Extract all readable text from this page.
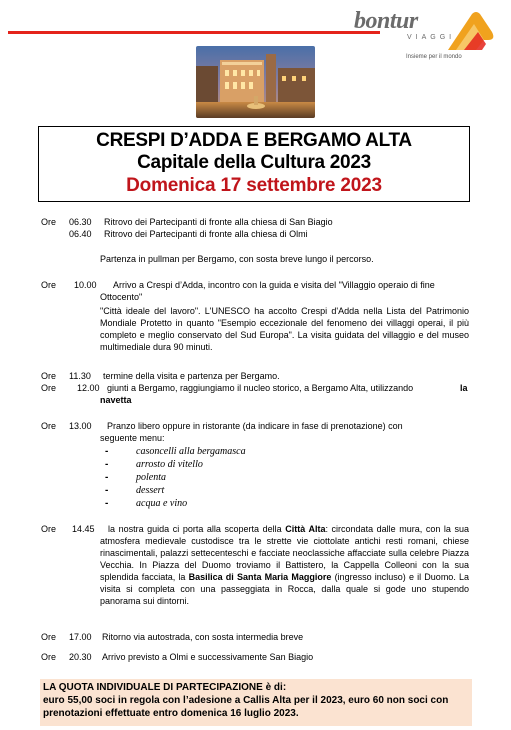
bontur
VIAGGI
Insieme per il mondo
CRESPI D’ADDA E BERGAMO ALTA
Capitale della Cultura 2023
Domenica 17 settembre 2023
Ore 06.30 Ritrovo dei Partecipanti di fronte alla chiesa di San Biagio
06.40 Ritrovo dei Partecipanti di fronte alla chiesa di Olmi
Partenza in pullman per Bergamo, con sosta breve lungo il percorso.
Ore 10.00 Arrivo a Crespi d’Adda, incontro con la guida e visita del "Villaggio operaio di fine
Ottocento"
"Città ideale del lavoro". L'UNESCO ha accolto Crespi d'Adda nella Lista del Patrimonio Mondiale Protetto in quanto "Esempio eccezionale del fenomeno dei villaggi operai, il più completo e meglio conservato del Sud Europa". La visita guidata del villaggio e del museo multimediale dura 90 minuti.
Ore 11.30 termine della visita e partenza per Bergamo.
Ore 12.00 giunti a Bergamo, raggiungiamo il nucleo storico, a Bergamo Alta, utilizzando	la
navetta
Ore 13.00 Pranzo libero oppure in ristorante (da indicare in fase di prenotazione) con
seguente menu:
-	casoncelli alla bergamasca
-	arrosto di vitello
-	polenta
-	dessert
-	acqua e vino
Ore 14.45	la nostra guida ci porta alla scoperta della Città Alta: circondata dalle mura, con la sua atmosfera medievale custodisce tra le strette vie ciottolate antichi resti romani, chiese rinascimentali, palazzi settecenteschi e facciate neoclassiche affacciate sulla celebre Piazza Vecchia. In Piazza del Duomo troviamo il Battistero, la Cappella Colleoni con la sua splendida facciata, la Basilica di Santa Maria Maggiore (ingresso incluso) e il Duomo. La visita si completa con una passeggiata in Rocca, dalla quale si gode uno stupendo panorama sui dintorni.
Ore 17.00 Ritorno via autostrada, con sosta intermedia breve
Ore 20.30 Arrivo previsto a Olmi e successivamente San Biagio
LA QUOTA INDIVIDUALE DI PARTECIPAZIONE è di:
euro 55,00 soci in regola con l’adesione a Callis Alta per il 2023, euro 60 non soci con prenotazioni effettuate entro domenica 16 luglio 2023.
